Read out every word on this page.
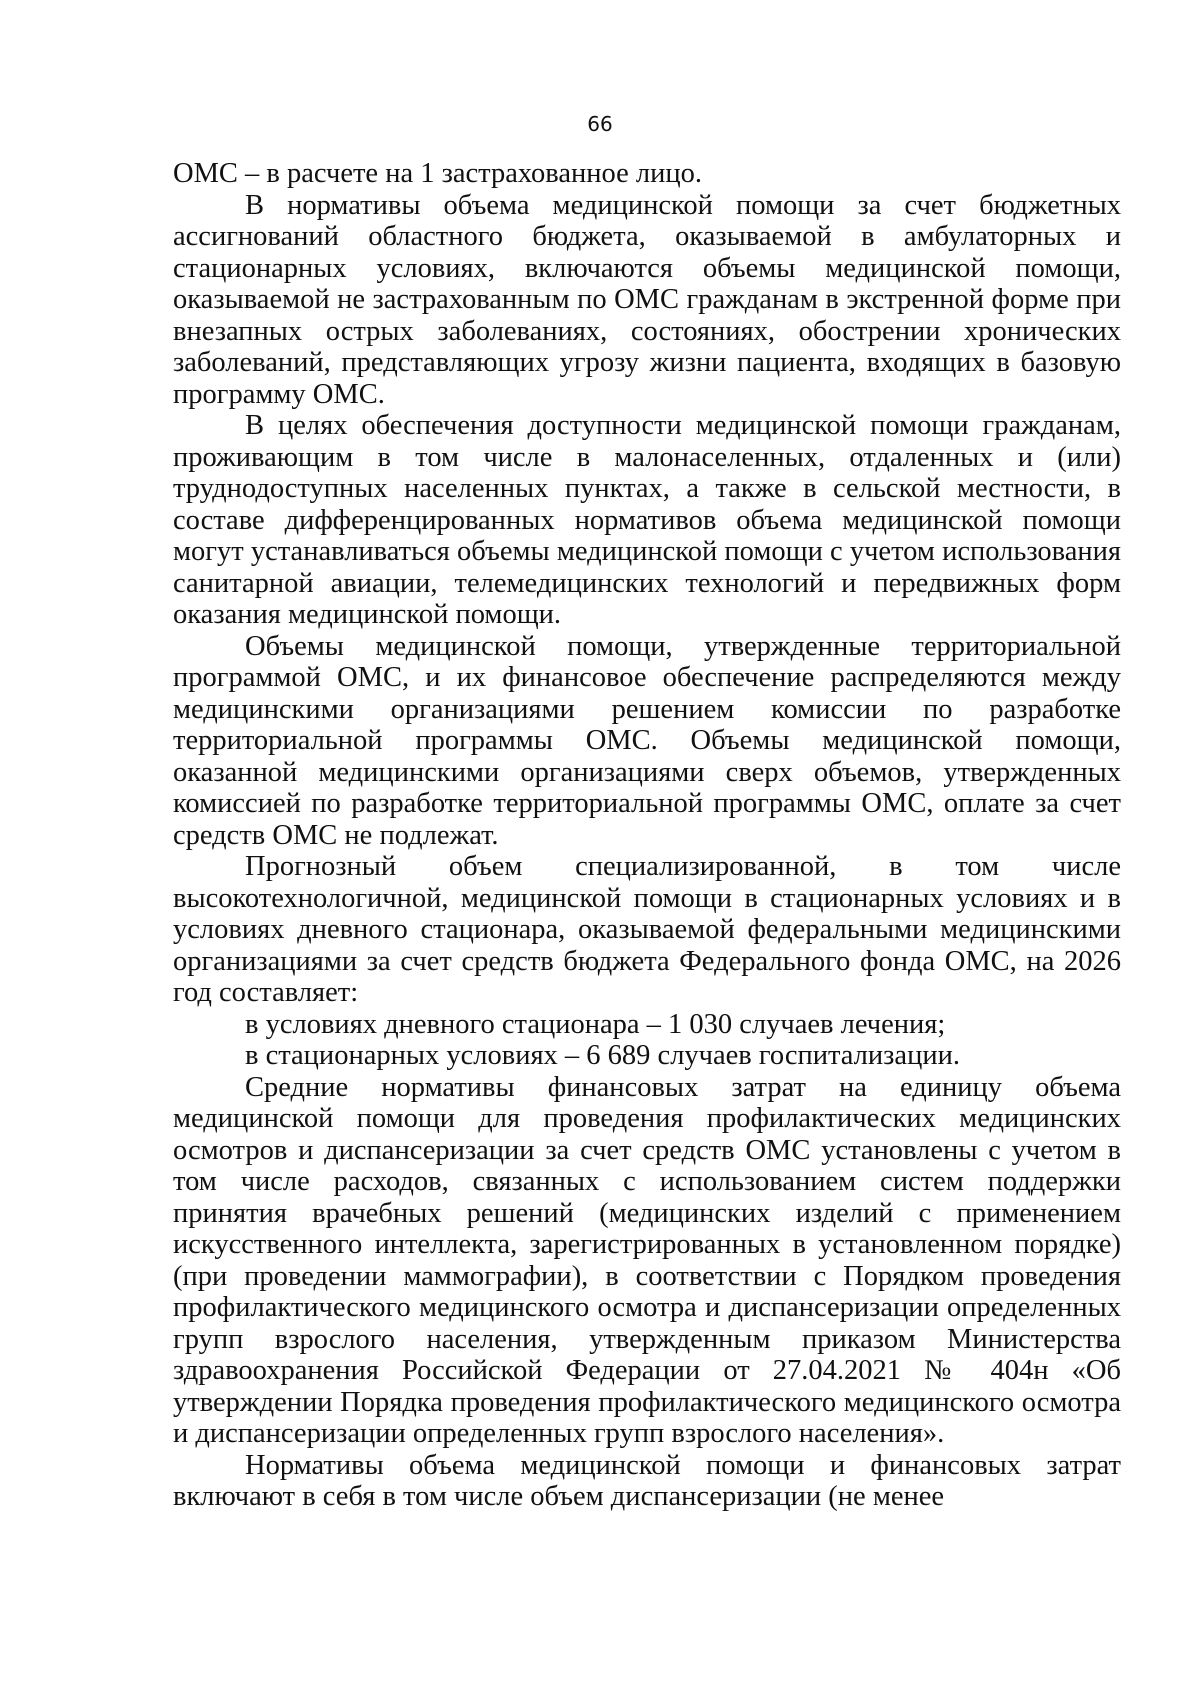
66

ОМС – в расчете на 1 застрахованное лицо.

В нормативы объема медицинской помощи за счет бюджетных ассигнований областного бюджета, оказываемой в амбулаторных и стационарных условиях, включаются объемы медицинской помощи, оказываемой не застрахованным по ОМС гражданам в экстренной форме при внезапных острых заболеваниях, состояниях, обострении хронических заболеваний, представляющих угрозу жизни пациента, входящих в базовую программу ОМС.

В целях обеспечения доступности медицинской помощи гражданам, проживающим в том числе в малонаселенных, отдаленных и (или) труднодоступных населенных пунктах, а также в сельской местности, в составе дифференцированных нормативов объема медицинской помощи могут устанавливаться объемы медицинской помощи с учетом использования санитарной авиации, телемедицинских технологий и передвижных форм оказания медицинской помощи.

Объемы медицинской помощи, утвержденные территориальной программой ОМС, и их финансовое обеспечение распределяются между медицинскими организациями решением комиссии по разработке территориальной программы ОМС. Объемы медицинской помощи, оказанной медицинскими организациями сверх объемов, утвержденных комиссией по разработке территориальной программы ОМС, оплате за счет средств ОМС не подлежат.

Прогнозный объем специализированной, в том числе высокотехнологичной, медицинской помощи в стационарных условиях и в условиях дневного стационара, оказываемой федеральными медицинскими организациями за счет средств бюджета Федерального фонда ОМС, на 2026 год составляет:

в условиях дневного стационара – 1 030 случаев лечения;

в стационарных условиях – 6 689 случаев госпитализации.

Средние нормативы финансовых затрат на единицу объема медицинской помощи для проведения профилактических медицинских осмотров и диспансеризации за счет средств ОМС установлены с учетом в том числе расходов, связанных с использованием систем поддержки принятия врачебных решений (медицинских изделий с применением искусственного интеллекта, зарегистрированных в установленном порядке) (при проведении маммографии), в соответствии с Порядком проведения профилактического медицинского осмотра и диспансеризации определенных групп взрослого населения, утвержденным приказом Министерства здравоохранения Российской Федерации от 27.04.2021 № 404н «Об утверждении Порядка проведения профилактического медицинского осмотра и диспансеризации определенных групп взрослого населения».

Нормативы объема медицинской помощи и финансовых затрат включают в себя в том числе объем диспансеризации (не менее
